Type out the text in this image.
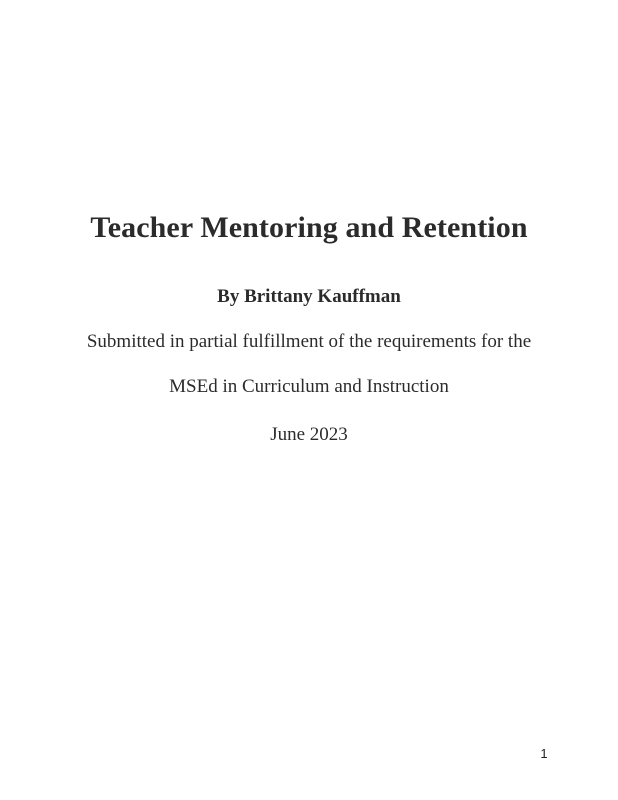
Teacher Mentoring and Retention
By Brittany Kauffman
Submitted in partial fulfillment of the requirements for the
MSEd in Curriculum and Instruction
June 2023
1
